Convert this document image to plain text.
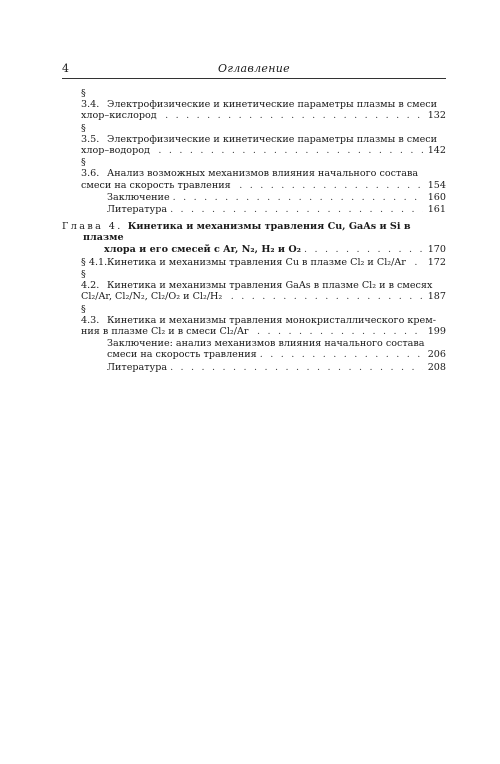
4	Оглавление
§ 3.4. Электрофизические и кинетические параметры плазмы в смеси
хлор–кислород . . .	132
§ 3.5. Электрофизические и кинетические параметры плазмы в смеси
хлор–водород . . .	142
§ 3.6. Анализ возможных механизмов влияния начального состава
смеси на скорость травления . . .	154
Заключение . . .	160
Литература . . .	161
Глава 4. Кинетика и механизмы травления Cu, GaAs и Si в плазме
хлора и его смесей с Ar, N₂, H₂ и O₂ . . .	170
§ 4.1.Кинетика и механизмы травления Cu в плазме Cl₂ и Cl₂/Ar . . . 172
§ 4.2. Кинетика и механизмы травления GaAs в плазме Cl₂ и в смесях
Cl₂/Ar, Cl₂/N₂, Cl₂/O₂ и Cl₂/H₂ . . .	187
§ 4.3. Кинетика и механизмы травления монокристаллического крем-
ния в плазме Cl₂ и в смеси Cl₂/Ar . . .	199
Заключение: анализ механизмов влияния начального состава
смеси на скорость травления . . .	206
Литература . . .	208
